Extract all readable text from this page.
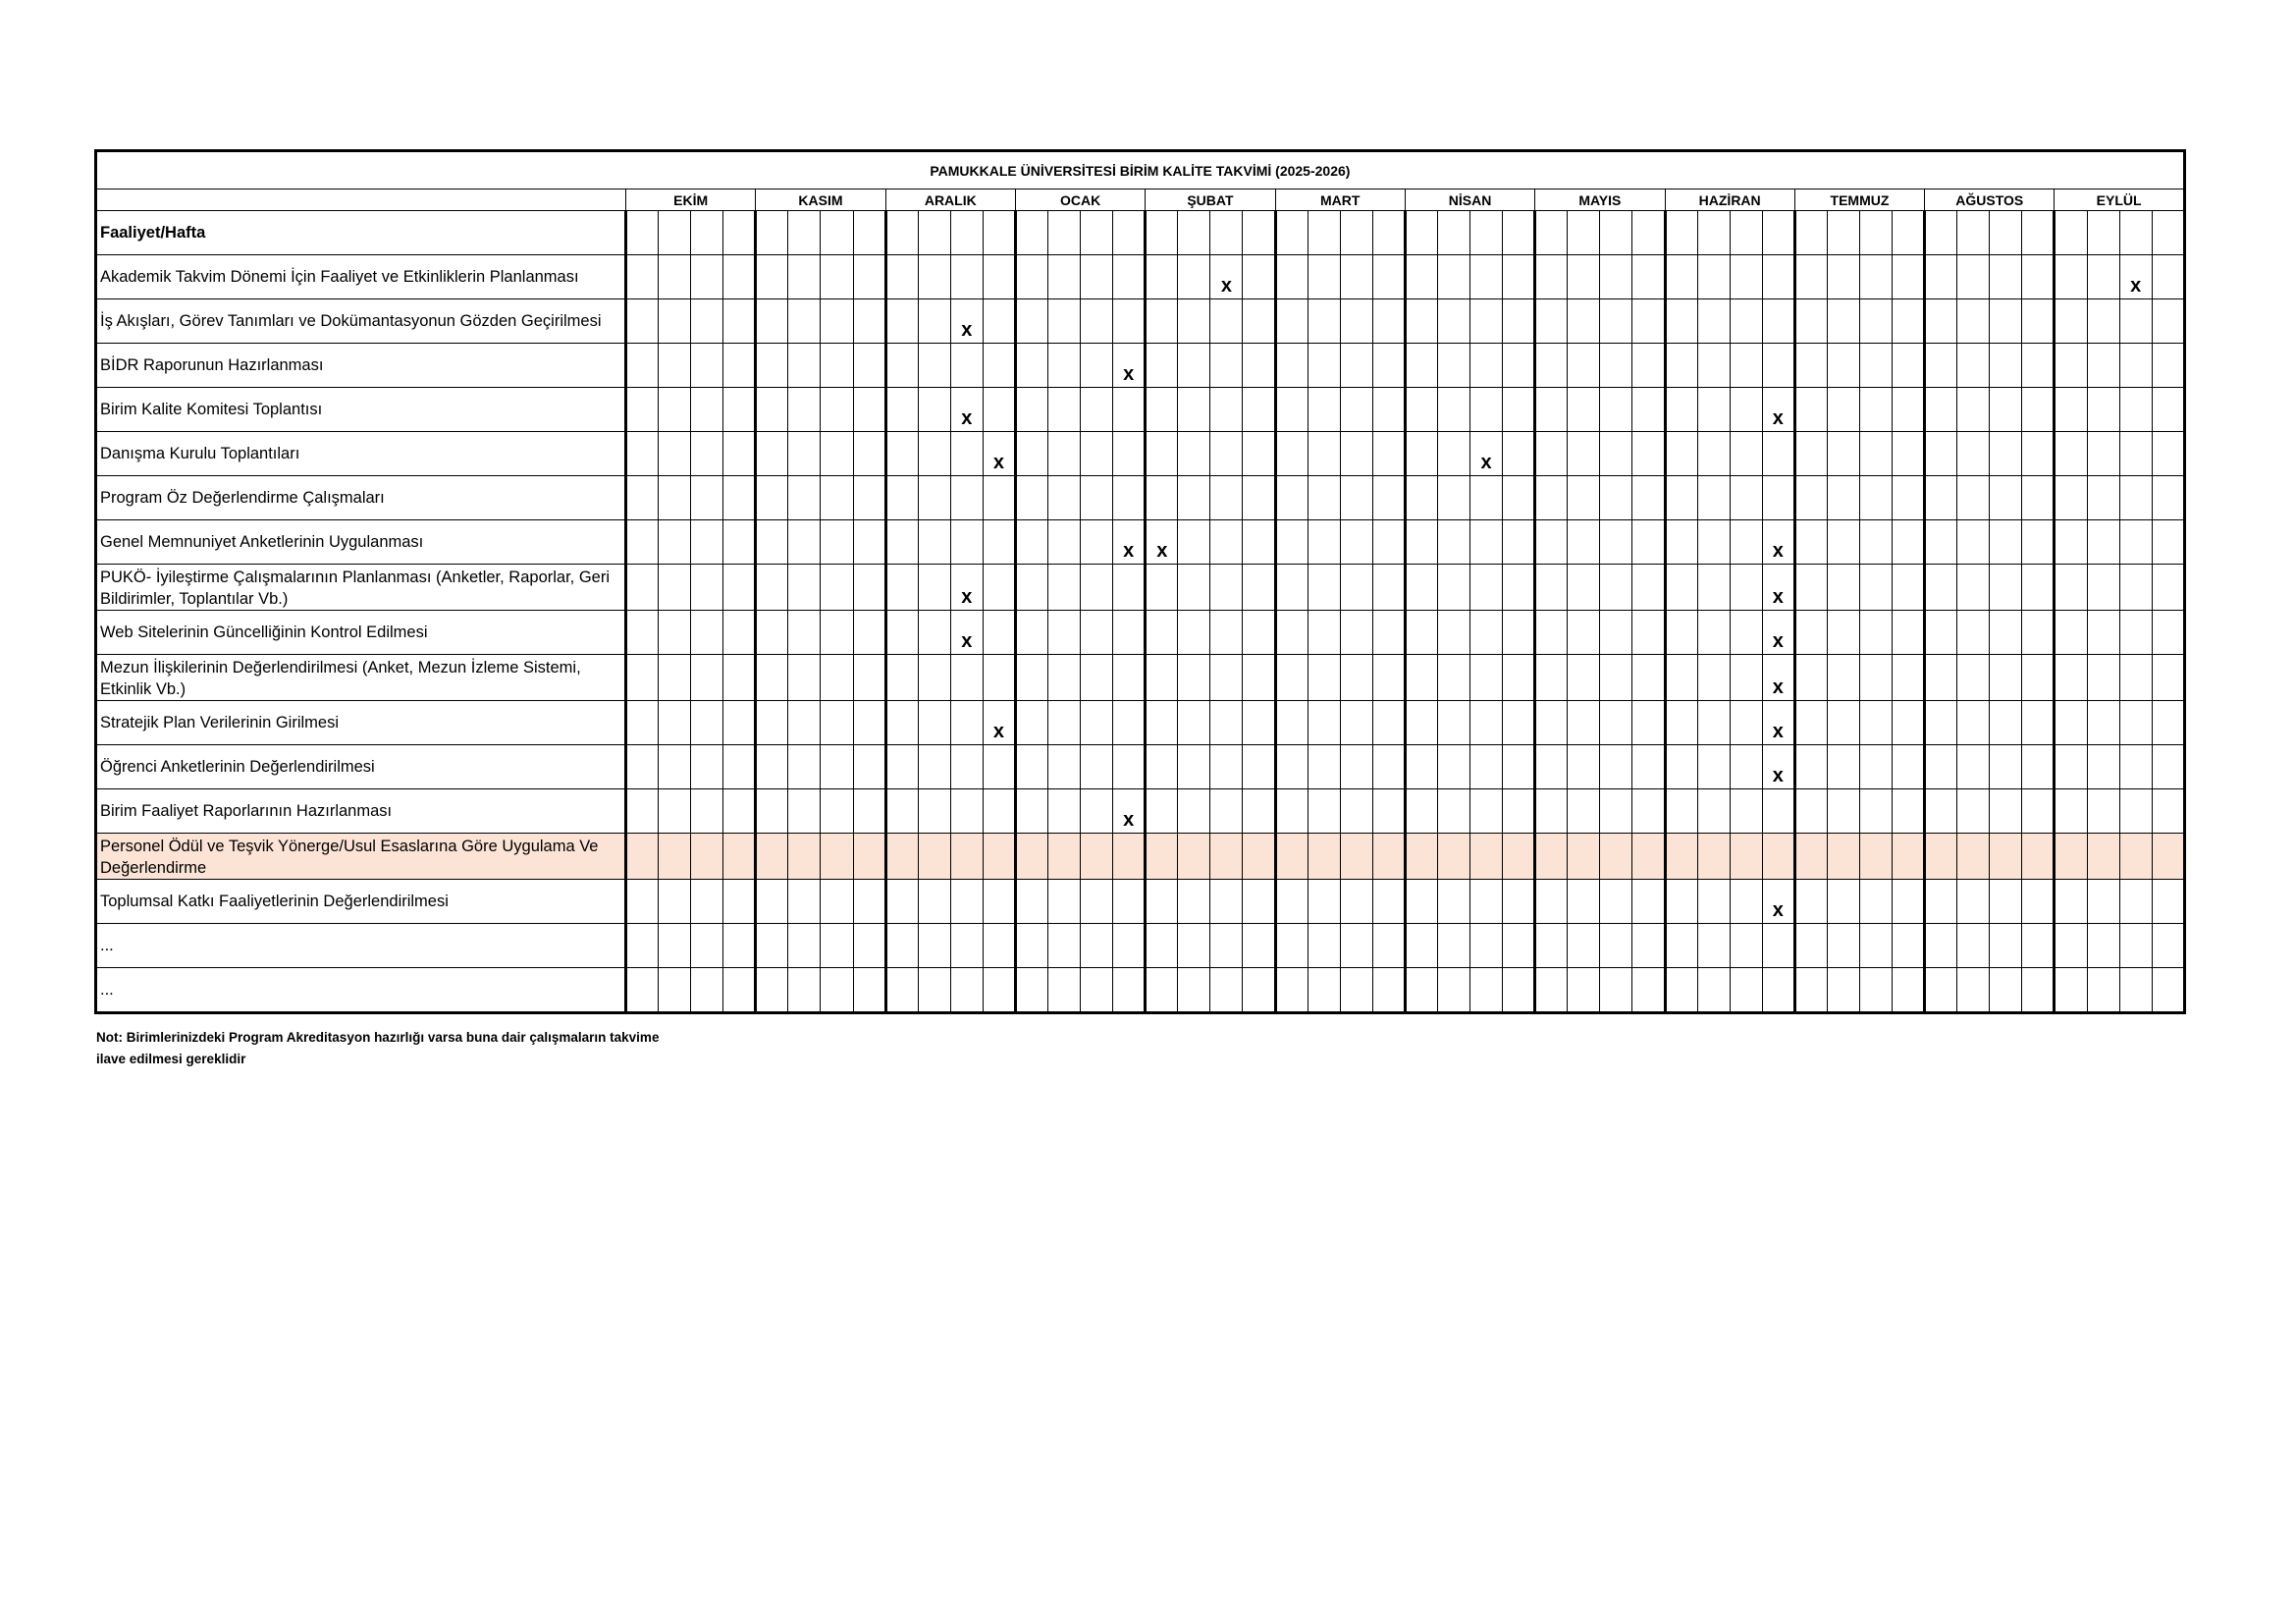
PAMUKKALE ÜNİVERSİTESİ BİRİM KALİTE TAKVİMİ (2025-2026)																																																
	EKİM				KASIM				ARALIK				OCAK				ŞUBAT				MART				NİSAN				MAYIS				HAZİRAN				TEMMUZ				AĞUSTOS				EYLÜL			
Faaliyet/Hafta																																																
Akademik Takvim Dönemi İçin Faaliyet ve Etkinliklerin Planlanması																			x																												x	
İş Akışları, Görev Tanımları ve Dokümantasyonun Gözden Geçirilmesi											x																																					
BİDR Raporunun Hazırlanması																x																																
Birim Kalite Komitesi Toplantısı											x																									x												
Danışma Kurulu Toplantıları												x															x																					
Program Öz Değerlendirme Çalışmaları																																																
Genel Memnuniyet Anketlerinin Uygulanması																x	x																			x												
PUKÖ- İyileştirme Çalışmalarının Planlanması (Anketler, Raporlar, Geri Bildirimler, Toplantılar Vb.)											x																									x												
Web Sitelerinin Güncelliğinin Kontrol Edilmesi											x																									x												
Mezun İlişkilerinin Değerlendirilmesi (Anket, Mezun İzleme Sistemi, Etkinlik Vb.)																																				x												
Stratejik Plan Verilerinin Girilmesi												x																								x												
Öğrenci Anketlerinin Değerlendirilmesi																																				x												
Birim Faaliyet Raporlarının Hazırlanması																x																																
Personel Ödül ve Teşvik Yönerge/Usul Esaslarına Göre Uygulama Ve Değerlendirme																																																
Toplumsal Katkı Faaliyetlerinin Değerlendirilmesi																																				x												
...																																																
...																																																
Not: Birimlerinizdeki Program Akreditasyon hazırlığı varsa buna dair çalışmaların takvime ilave edilmesi gereklidir
